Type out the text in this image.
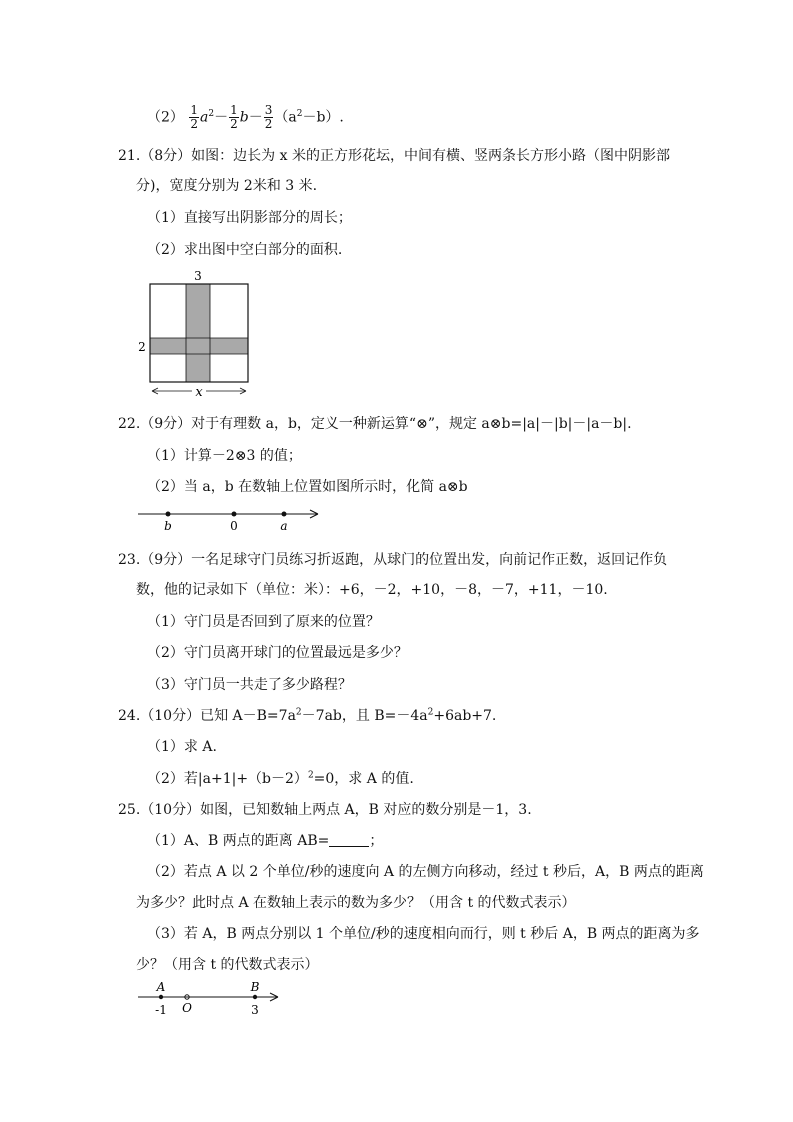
$(2) \frac{1}{2} a^2- \frac{1}{2} b- \frac{3}{2} (a^2-b)$.
21.（8分）如图：边长为 x 米的正方形花坛，中间有横、竖两条长方形小路（图中阴影部
分)，宽度分别为 2米和 3 米.
（1）直接写出阴影部分的周长；
（2）求出图中空白部分的面积.
3
2
x
22.（9分）对于有理数 a，b，定义一种新运算“⊗”，规定 a⊗b=|a|－|b|－|a－b|.
（1）计算－2⊗3 的值；
（2）当 a，b 在数轴上位置如图所示时，化简 a⊗b
b	0	a
23.（9分）一名足球守门员练习折返跑，从球门的位置出发，向前记作正数，返回记作负
数，他的记录如下（单位：米）：+6，－2，+10，－8，－7，+11，－10.
（1）守门员是否回到了原来的位置？
（2）守门员离开球门的位置最远是多少？
（3）守门员一共走了多少路程？
24.（10分）已知 $A-B=7a^2-7ab$，且 $B=-4a^2+6ab+7$.
（1）求 A.
（2）若$|a+1|+(b-2)^2=0$，求 A 的值.
25.（10分）如图，已知数轴上两点 A，B 对应的数分别是－1，3.
（1）A、B 两点的距离 AB=	；
（2）若点 A 以 2 个单位/秒的速度向 A 的左侧方向移动，经过 t 秒后，A，B 两点的距离
为多少？此时点 A 在数轴上表示的数为多少？（用含 t 的代数式表示）
（3）若 A，B 两点分别以 1 个单位/秒的速度相向而行，则 t 秒后 A，B 两点的距离为多
少？（用含 t 的代数式表示）
A	B
-1 O	3
